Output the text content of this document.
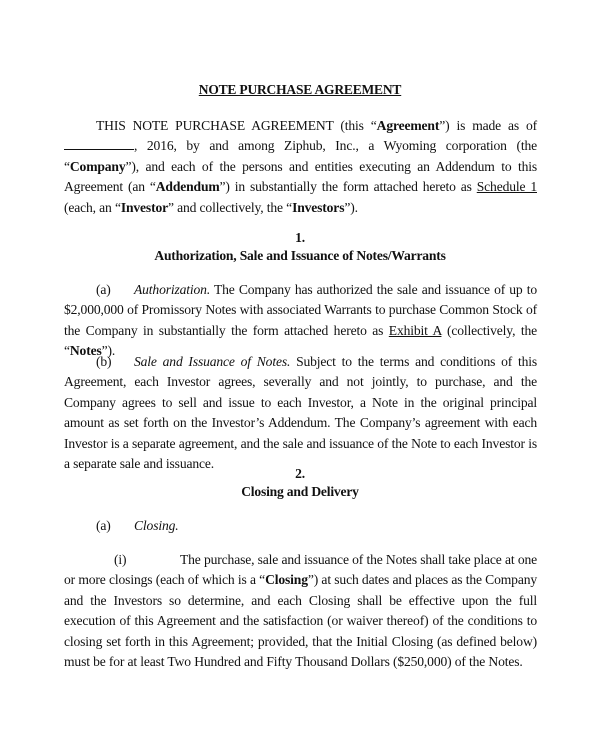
NOTE PURCHASE AGREEMENT
THIS NOTE PURCHASE AGREEMENT (this “Agreement”) is made as of , 2016, by and among Ziphub, Inc., a Wyoming corporation (the “Company”), and each of the persons and entities executing an Addendum to this Agreement (an “Addendum”) in substantially the form attached hereto as Schedule 1 (each, an “Investor” and collectively, the “Investors”).
1.
Authorization, Sale and Issuance of Notes/Warrants
(a) Authorization. The Company has authorized the sale and issuance of up to $2,000,000 of Promissory Notes with associated Warrants to purchase Common Stock of the Company in substantially the form attached hereto as Exhibit A (collectively, the “Notes”).
(b) Sale and Issuance of Notes. Subject to the terms and conditions of this Agreement, each Investor agrees, severally and not jointly, to purchase, and the Company agrees to sell and issue to each Investor, a Note in the original principal amount as set forth on the Investor’s Addendum. The Company’s agreement with each Investor is a separate agreement, and the sale and issuance of the Note to each Investor is a separate sale and issuance.
2.
Closing and Delivery
(a) Closing.
(i)	The purchase, sale and issuance of the Notes shall take place at one or more closings (each of which is a “Closing”) at such dates and places as the Company and the Investors so determine, and each Closing shall be effective upon the full execution of this Agreement and the satisfaction (or waiver thereof) of the conditions to closing set forth in this Agreement; provided, that the Initial Closing (as defined below) must be for at least Two Hundred and Fifty Thousand Dollars ($250,000) of the Notes.
